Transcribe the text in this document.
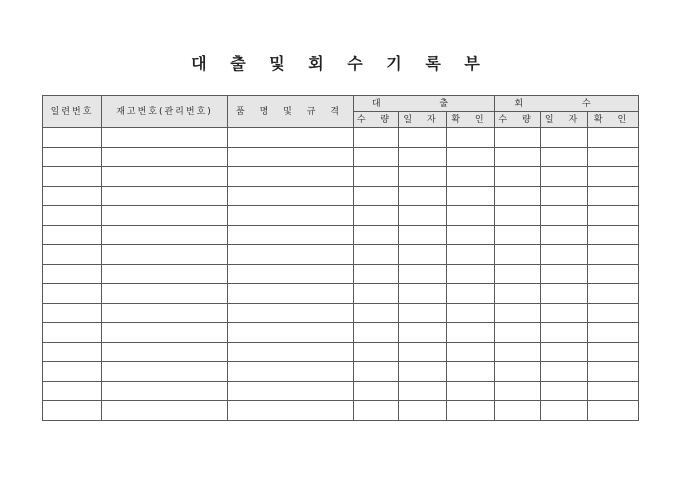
대 출 및 회 수 기 록 부
일련번호	재고번호(관리번호)	품 명 및 규 격	대 출			회 수		
			수 량	일 자	확 인	수 량	일 자	확 인
